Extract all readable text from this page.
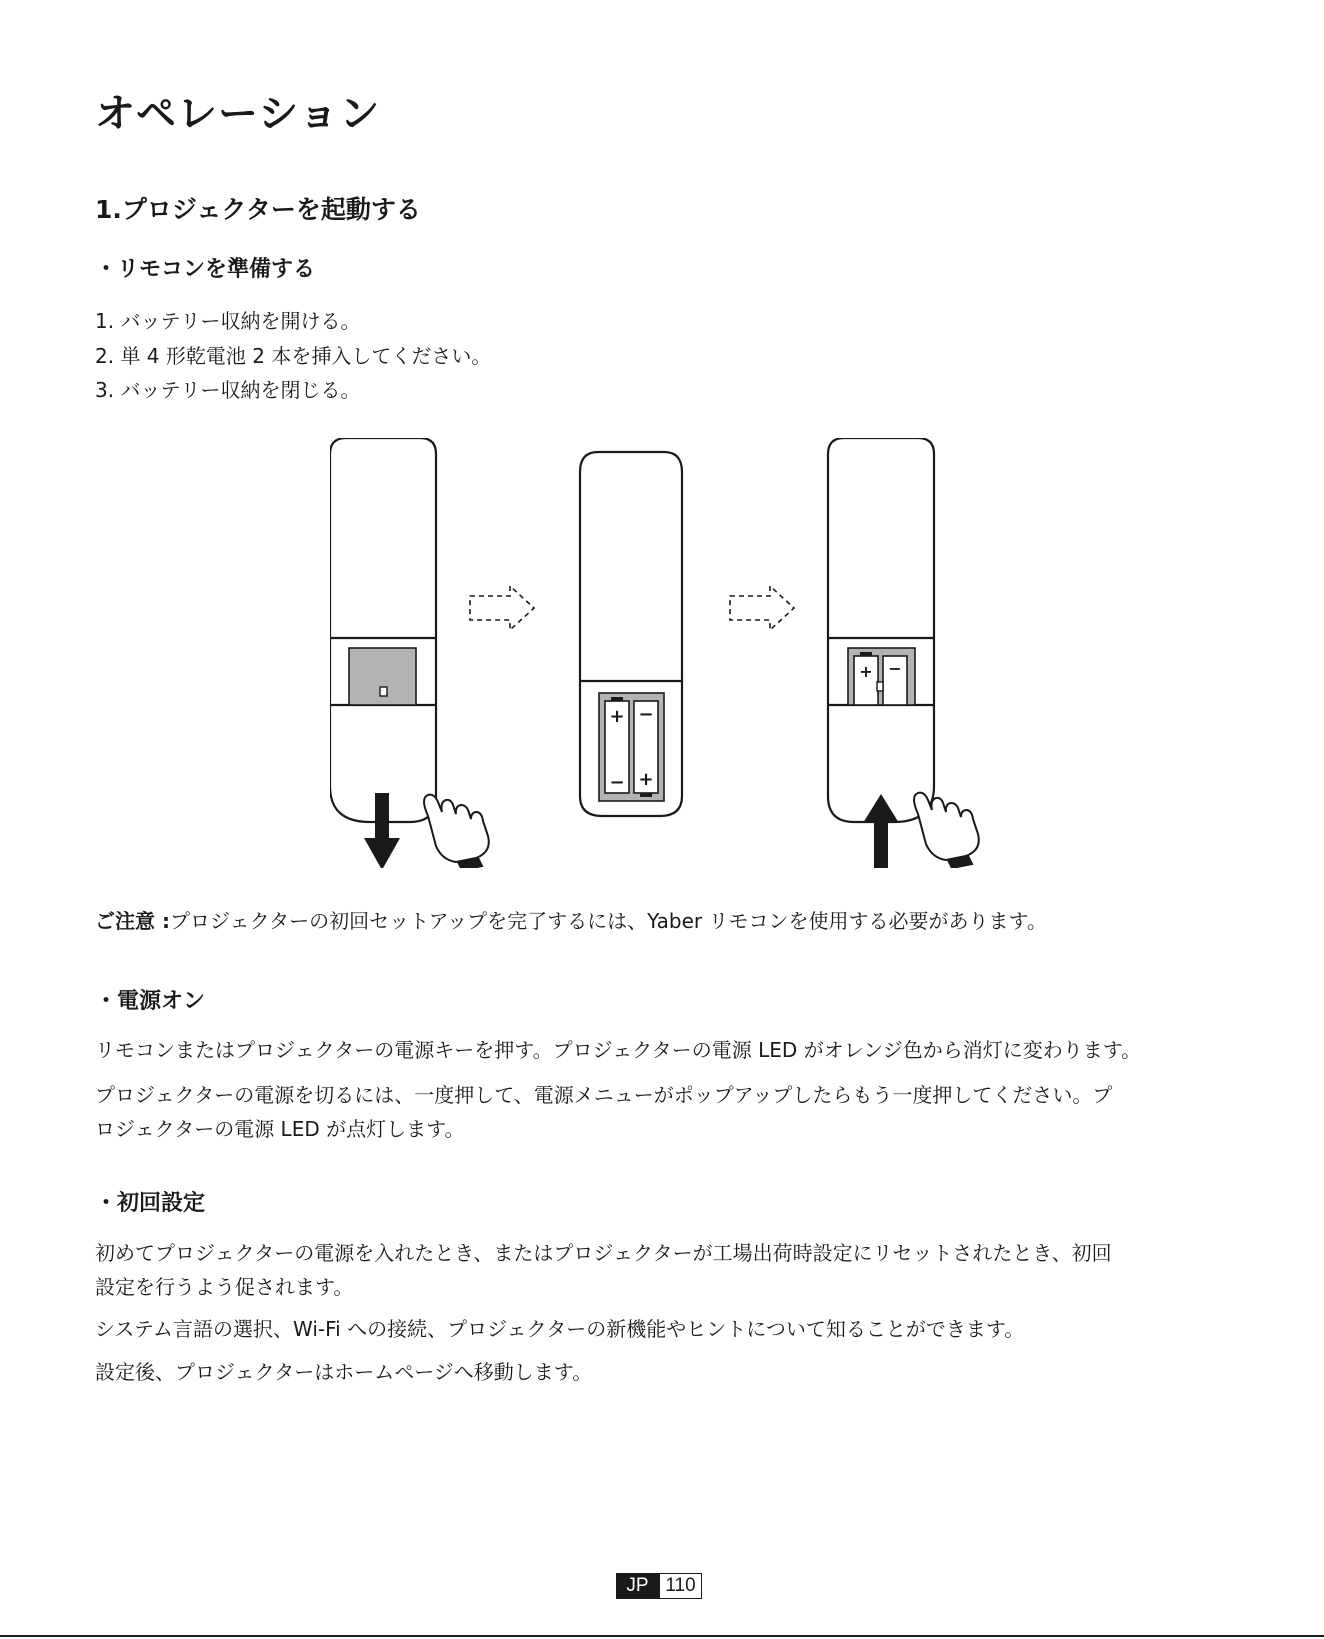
オペレーション
1.プロジェクターを起動する
・リモコンを準備する
1. バッテリー収納を開ける。
2. 単 4 形乾電池 2 本を挿入してください。
3. バッテリー収納を閉じる。
+
−
−
+
+ −

ご注意 :プロジェクターの初回セットアップを完了するには、Yaber リモコンを使用する必要があります。

・電源オン

リモコンまたはプロジェクターの電源キーを押す。プロジェクターの電源 LED がオレンジ色から消灯に変わります。

プロジェクターの電源を切るには、一度押して、電源メニューがポップアップしたらもう一度押してください。プ
ロジェクターの電源 LED が点灯します。

・初回設定

初めてプロジェクターの電源を入れたとき、またはプロジェクターが工場出荷時設定にリセットされたとき、初回
設定を行うよう促されます。

システム言語の選択、Wi-Fi への接続、プロジェクターの新機能やヒントについて知ることができます。

設定後、プロジェクターはホームページへ移動します。

JP 110
